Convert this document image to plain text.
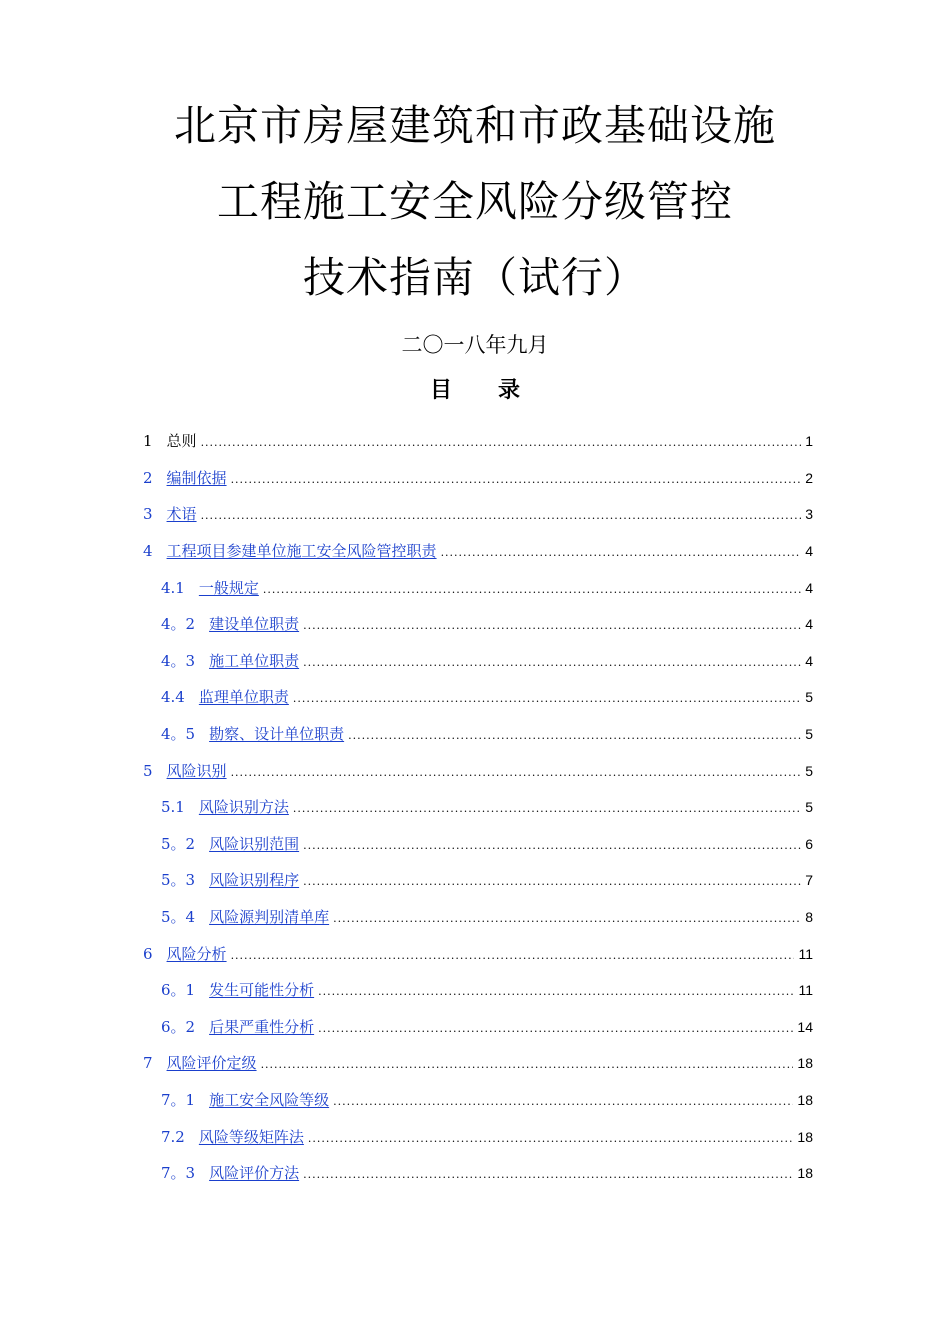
北京市房屋建筑和市政基础设施
工程施工安全风险分级管控
技术指南（试行）
二〇一八年九月
目 录
1 总则 .....	1
2 编制依据 .....	2
3 术语 .....	3
4 工程项目参建单位施工安全风险管控职责 .....	4
4.1 一般规定 .....	4
4。2 建设单位职责 .....	4
4。3 施工单位职责 .....	4
4.4 监理单位职责 .....	5
4。5 勘察、设计单位职责 .....	5
5 风险识别 .....	5
5.1 风险识别方法 .....	5
5。2 风险识别范围 .....	6
5。3 风险识别程序 .....	7
5。4 风险源判别清单库 .....	8
6 风险分析 .....	11
6。1 发生可能性分析 .....	11
6。2 后果严重性分析 .....	14
7 风险评价定级 .....	18
7。1 施工安全风险等级 .....	18
7.2 风险等级矩阵法 .....	18
7。3 风险评价方法 .....	18
